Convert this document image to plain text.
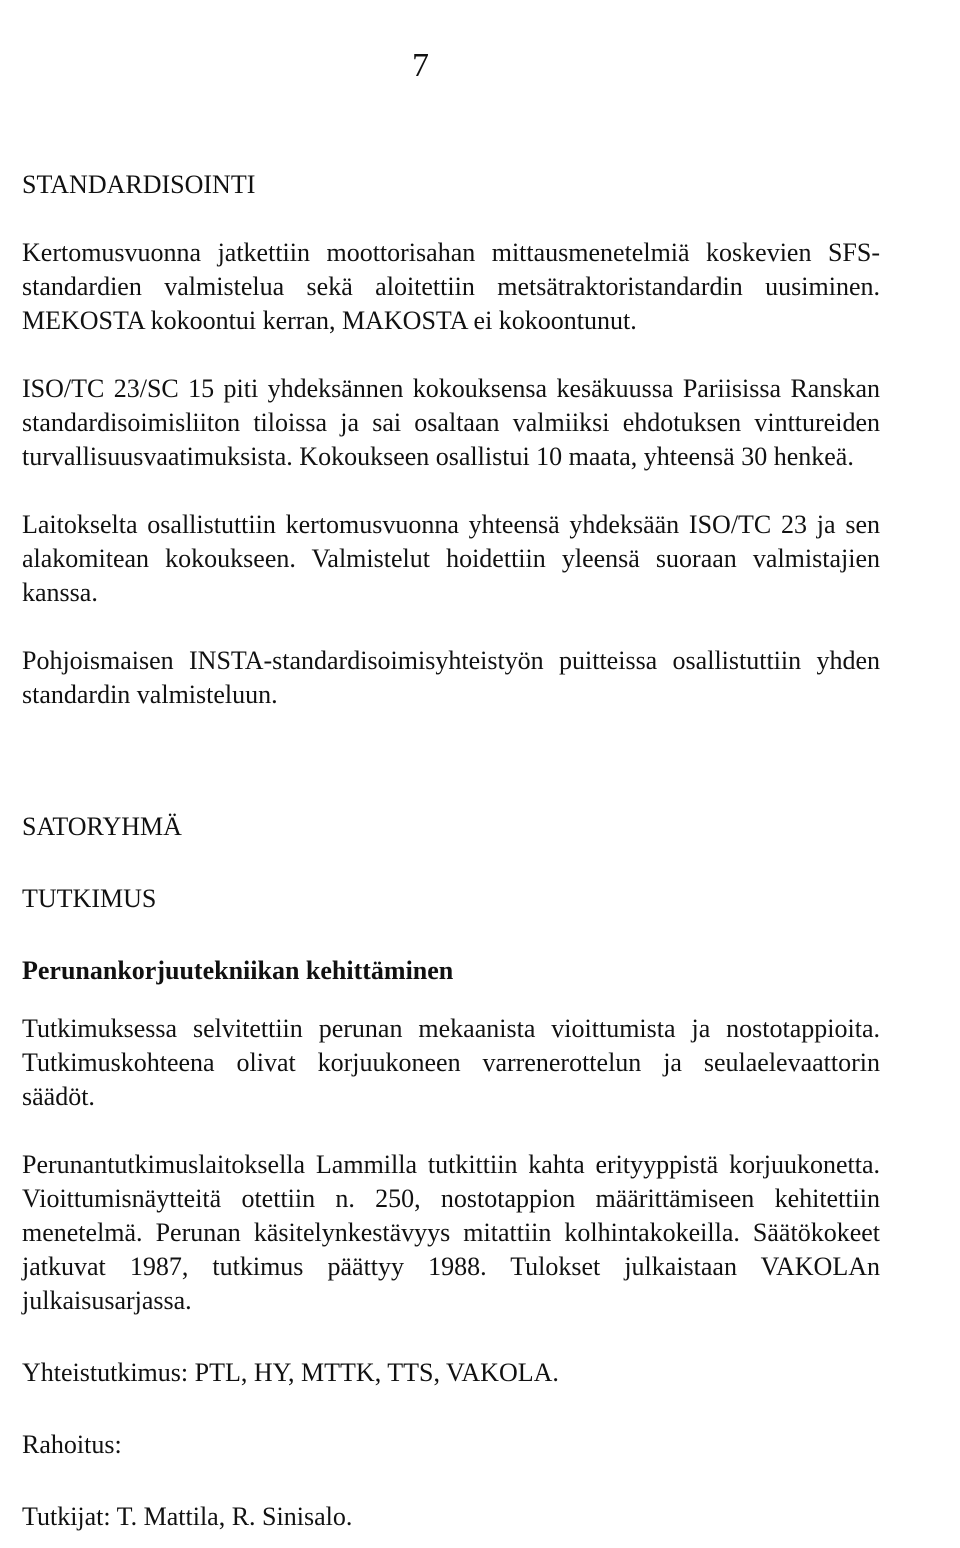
7
STANDARDISOINTI

Kertomusvuonna jatkettiin moottorisahan mittausmenetelmiä koskevien SFS-standardien valmistelua sekä aloitettiin metsätraktoristandardin uusiminen. MEKOSTA kokoontui kerran, MAKOSTA ei kokoontunut.

ISO/TC 23/SC 15 piti yhdeksännen kokouksensa kesäkuussa Pariisissa Ranskan standardisoimisliiton tiloissa ja sai osaltaan valmiiksi ehdotuksen vinttureiden turvallisuusvaatimuksista. Kokoukseen osallistui 10 maata, yhteensä 30 henkeä.

Laitokselta osallistuttiin kertomusvuonna yhteensä yhdeksään ISO/TC 23 ja sen alakomitean kokoukseen. Valmistelut hoidettiin yleensä suoraan valmistajien kanssa.

Pohjoismaisen INSTA-standardisoimisyhteistyön puitteissa osallistuttiin yhden standardin valmisteluun.

SATORYHMÄ
TUTKIMUS
Perunankorjuutekniikan kehittäminen

Tutkimuksessa selvitettiin perunan mekaanista vioittumista ja nostotappioita. Tutkimuskohteena olivat korjuukoneen varrenerottelun ja seulaelevaattorin säädöt.

Perunantutkimuslaitoksella Lammilla tutkittiin kahta erityyppistä korjuukonetta. Vioittumisnäytteitä otettiin n. 250, nostotappion määrittämiseen kehitettiin menetelmä. Perunan käsitelynkestävyys mitattiin kolhintakokeilla. Säätökokeet jatkuvat 1987, tutkimus päättyy 1988. Tulokset julkaistaan VAKOLAn julkaisusarjassa.

Yhteistutkimus: PTL, HY, MTTK, TTS, VAKOLA.

Rahoitus:

Tutkijat: T. Mattila, R. Sinisalo.
